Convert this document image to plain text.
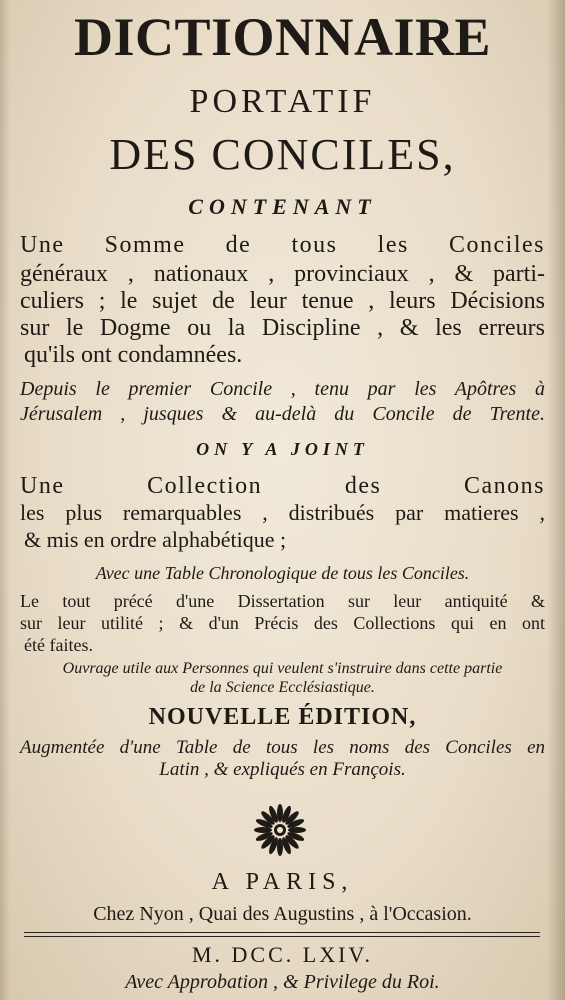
DICTIONNAIRE
PORTATIF
DES CONCILES,
CONTENANT
Une Somme de tous les Conciles
généraux , nationaux , provinciaux , & parti-
culiers ; le sujet de leur tenue , leurs Décisions
sur le Dogme ou la Discipline , & les erreurs
qu'ils ont condamnées.
Depuis le premier Concile , tenu par les Apôtres à
Jérusalem , jusques & au-delà du Concile de Trente.
ON Y A JOINT
Une Collection des Canons
les plus remarquables , distribués par matieres ,
& mis en ordre alphabétique ;
Avec une Table Chronologique de tous les Conciles.
Le tout précé d'une Dissertation sur leur antiquité &
sur leur utilité ; & d'un Précis des Collections qui en ont
été faites.
Ouvrage utile aux Personnes qui veulent s'instruire dans cette partie
de la Science Ecclésiastique.
NOUVELLE ÉDITION,
Augmentée d'une Table de tous les noms des Conciles en
Latin , & expliqués en François.
A PARIS,
Chez Nyon , Quai des Augustins , à l'Occasion.
M. DCC. LXIV.
Avec Approbation , & Privilege du Roi.
